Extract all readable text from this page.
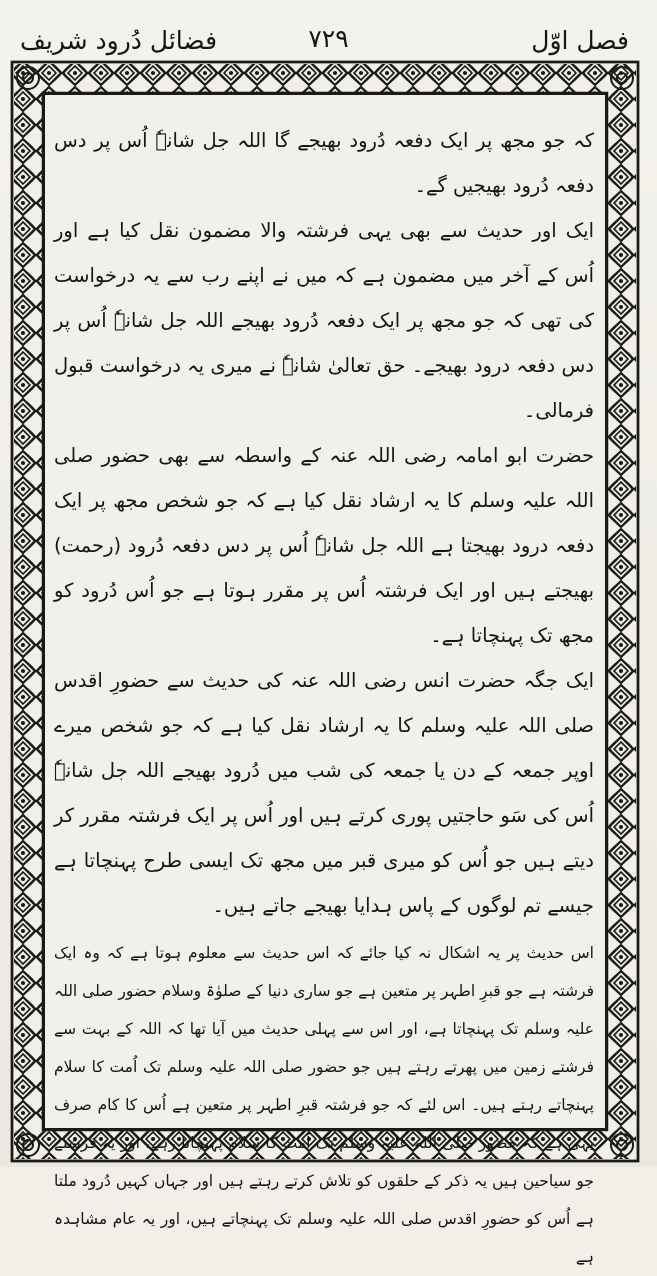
فصل اوّل
٧٢٩
فضائل دُرود شریف

کہ جو مجھ پر ایک دفعہ دُرود بھیجے گا اللہ جل شانہٗ اُس پر دس دفعہ دُرود بھیجیں گے۔

ایک اور حدیث سے بھی یہی فرشتہ والا مضمون نقل کیا ہے اور اُس کے آخر میں مضمون ہے کہ میں نے اپنے رب سے یہ درخواست کی تھی کہ جو مجھ پر ایک دفعہ دُرود بھیجے اللہ جل شانہٗ اُس پر دس دفعہ درود بھیجے۔ حق تعالیٰ شانہٗ نے میری یہ درخواست قبول فرمالی۔

حضرت ابو امامہ رضی اللہ عنہ کے واسطہ سے بھی حضور صلی اللہ علیہ وسلم کا یہ ارشاد نقل کیا ہے کہ جو شخص مجھ پر ایک دفعہ درود بھیجتا ہے اللہ جل شانہٗ اُس پر دس دفعہ دُرود (رحمت) بھیجتے ہیں اور ایک فرشتہ اُس پر مقرر ہوتا ہے جو اُس دُرود کو مجھ تک پہنچاتا ہے۔

ایک جگہ حضرت انس رضی اللہ عنہ کی حدیث سے حضورِ اقدس صلی اللہ علیہ وسلم کا یہ ارشاد نقل کیا ہے کہ جو شخص میرے اوپر جمعہ کے دن یا جمعہ کی شب میں دُرود بھیجے اللہ جل شانہٗ اُس کی سَو حاجتیں پوری کرتے ہیں اور اُس پر ایک فرشتہ مقرر کر دیتے ہیں جو اُس کو میری قبر میں مجھ تک ایسی طرح پہنچاتا ہے جیسے تم لوگوں کے پاس ہدایا بھیجے جاتے ہیں۔

اس حدیث پر یہ اشکال نہ کیا جائے کہ اس حدیث سے معلوم ہوتا ہے کہ وہ ایک فرشتہ ہے جو قبرِ اطہر پر متعین ہے جو ساری دنیا کے صلوٰۃ وسلام حضور صلی اللہ علیہ وسلم تک پہنچاتا ہے، اور اس سے پہلی حدیث میں آیا تھا کہ اللہ کے بہت سے فرشتے زمین میں پھرتے رہتے ہیں جو حضور صلی اللہ علیہ وسلم تک اُمت کا سلام پہنچاتے رہتے ہیں۔ اس لئے کہ جو فرشتہ قبرِ اطہر پر متعین ہے اُس کا کام صرف یہی ہے کہ حضور صلی اللہ علیہ وسلم تک اُمت کا سلام پہنچاتا رہے، اور یہ فرشتے جو سیاحین ہیں یہ ذکر کے حلقوں کو تلاش کرتے رہتے ہیں اور جہاں کہیں دُرود ملتا ہے اُس کو حضورِ اقدس صلی اللہ علیہ وسلم تک پہنچاتے ہیں، اور یہ عام مشاہدہ ہے
